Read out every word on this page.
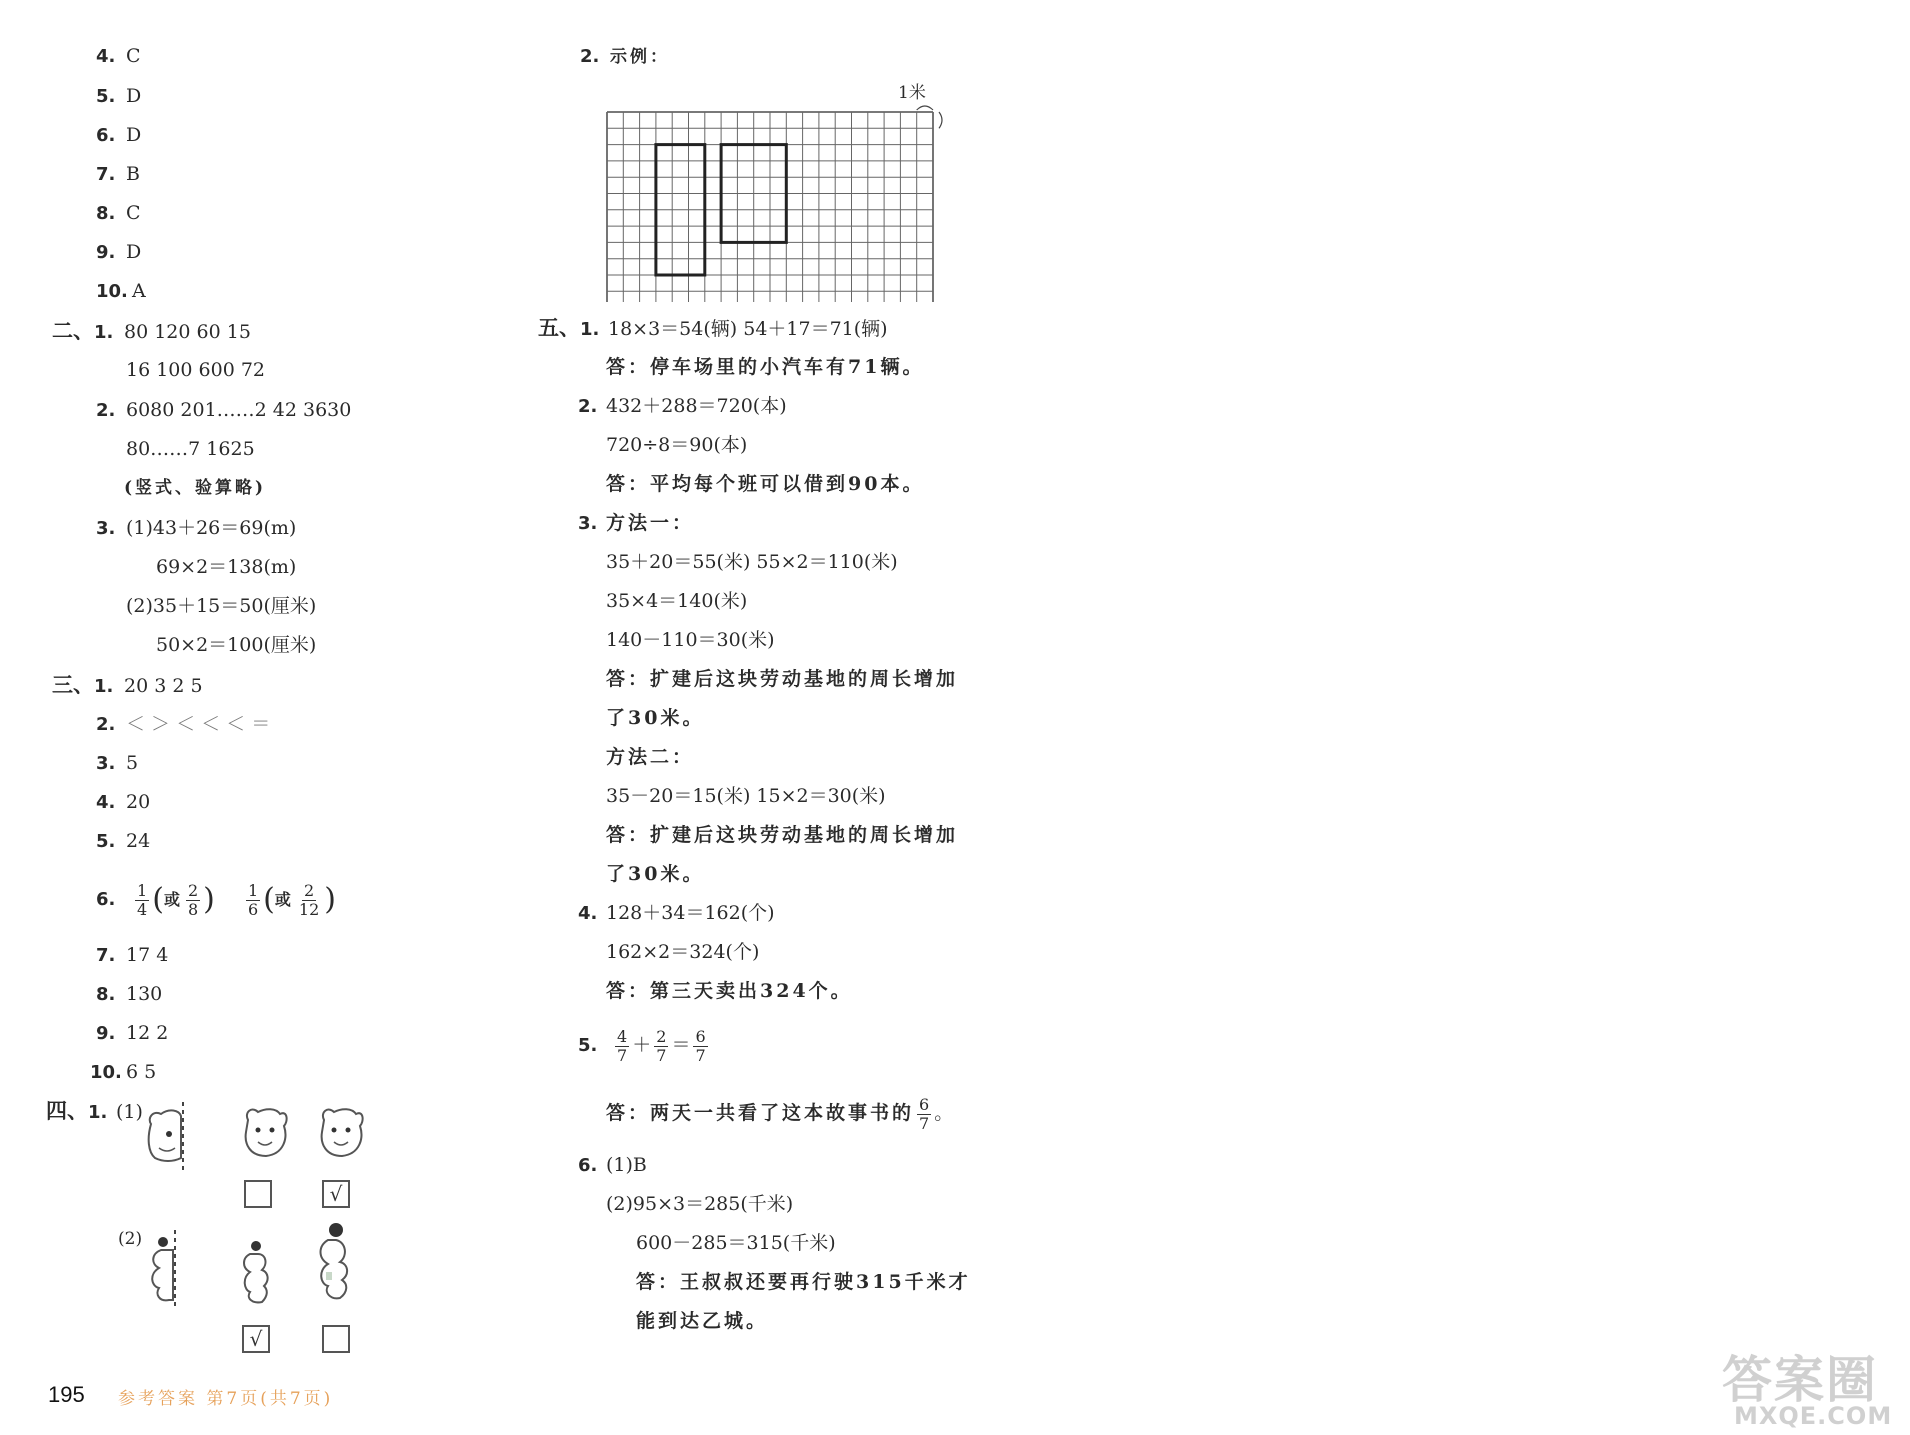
4. C
5. D
6. D
7. B
8. C
9. D
10. A
二、1. 80 120 60 15
16 100 600 72
2. 6080 201……2 42 3630
80……7 1625
(竖式、验算略)
3. (1)43＋26＝69(m)
69×2＝138(m)
(2)35＋15＝50(厘米)
50×2＝100(厘米)
三、1. 20 3 2 5
2. ＜ ＞ ＜ ＜ ＜ ＝
3. 5
4. 20
5. 24
6. $\frac{1}{4}$ (或 $\frac{2}{8}$ ) $\frac{1}{6}$ (或 $\frac{2}{12}$ )
7. 17 4
8. 130
9. 12 2
10. 6 5
四、1. (1)
(2)
√
√
2. 示例：
1米
五、1. 18×3＝54(辆) 54＋17＝71(辆)
答：停车场里的小汽车有71辆。
2. 432＋288＝720(本)
720÷8＝90(本)
答：平均每个班可以借到90本。
3. 方法一：
35＋20＝55(米) 55×2＝110(米)
35×4＝140(米)
140－110＝30(米)
答：扩建后这块劳动基地的周长增加
了30米。
方法二：
35－20＝15(米) 15×2＝30(米)
答：扩建后这块劳动基地的周长增加
了30米。
4. 128＋34＝162(个)
162×2＝324(个)
答：第三天卖出324个。
5. $\frac{4}{7} + \frac{2}{7} = \frac{6}{7}$
答：两天一共看了这本故事书的 $\frac{6}{7}$ 。
6. (1)B
(2)95×3＝285(千米)
600－285＝315(千米)
答：王叔叔还要再行驶315千米才
能到达乙城。
195 参考答案 第7页(共7页)	答案圈
MXQE.COM
